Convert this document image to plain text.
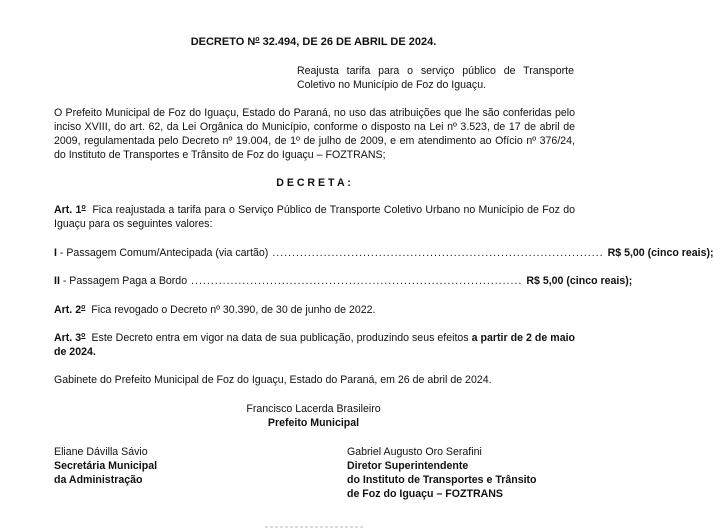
DECRETO $N^o$ 32.494, DE 26 DE ABRIL DE 2024.
Reajusta tarifa para o serviço público de Transporte Coletivo no Município de Foz do Iguaçu.
O Prefeito Municipal de Foz do Iguaçu, Estado do Paraná, no uso das atribuições que lhe são conferidas pelo inciso XVIII, do art. 62, da Lei Orgânica do Município, conforme o disposto na Lei nº 3.523, de 17 de abril de 2009, regulamentada pelo Decreto nº 19.004, de 1º de julho de 2009, e em atendimento ao Ofício nº 376/24, do Instituto de Transportes e Trânsito de Foz do Iguaçu – FOZTRANS;
D E C R E T A :
Art. 1$^o$ Fica reajustada a tarifa para o Serviço Público de Transporte Coletivo Urbano no Município de Foz do Iguaçu para os seguintes valores:
I - Passagem Comum/Antecipada (via cartão) .................................................................................... R$ 5,00 (cinco reais);
II - Passagem Paga a Bordo .................................................................................... R$ 5,00 (cinco reais);
Art. 2$^o$ Fica revogado o Decreto nº 30.390, de 30 de junho de 2022.
Art. 3$^o$ Este Decreto entra em vigor na data de sua publicação, produzindo seus efeitos a partir de 2 de maio de 2024.
Gabinete do Prefeito Municipal de Foz do Iguaçu, Estado do Paraná, em 26 de abril de 2024.
Francisco Lacerda Brasileiro
Prefeito Municipal
Eliane Dávilla Sávio
Secretária Municipal
da Administração
Gabriel Augusto Oro Serafini
Diretor Superintendente
do Instituto de Transportes e Trânsito
de Foz do Iguaçu – FOZTRANS
